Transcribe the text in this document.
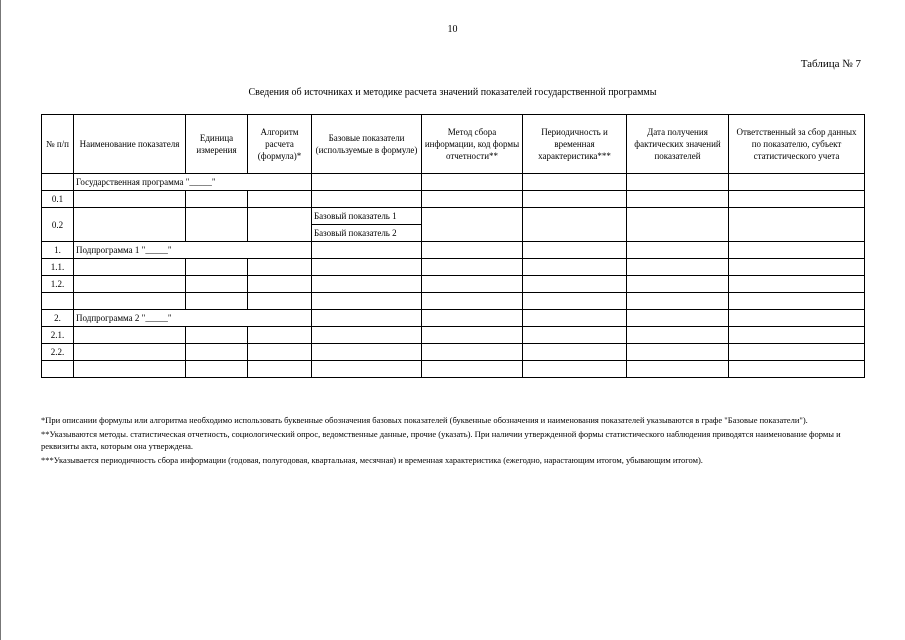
10
Таблица № 7
Сведения об источниках и методике расчета значений показателей государственной программы
№ п/п	Наименование показателя	Единица измерения	Алгоритм расчета (формула)*	Базовые показатели (используемые в формуле)	Метод сбора информации, код формы отчетности**	Периодичность и временная характеристика***	Дата получения фактических значений показателей	Ответственный за сбор данных по показателю, субъект статистического учета
	Государственная программа "_____"							
0.1								
0.2				Базовый показатель 1				
				Базовый показатель 2				
1.	Подпрограмма 1 "_____"							
1.1.								
1.2.								

2.	Подпрограмма 2 "_____"							
2.1.								
2.2.								

*При описании формулы или алгоритма необходимо использовать буквенные обозначения базовых показателей (буквенные обозначения и наименования показателей указываются в графе "Базовые показатели").

**Указываются методы. статистическая отчетность, социологический опрос, ведомственные данные, прочие (указать). При наличии утвержденной формы статистического наблюдения приводятся наименование формы и реквизиты акта, которым она утверждена.

***Указывается периодичность сбора информации (годовая, полугодовая, квартальная, месячная) и временная характеристика (ежегодно, нарастающим итогом, убывающим итогом).
